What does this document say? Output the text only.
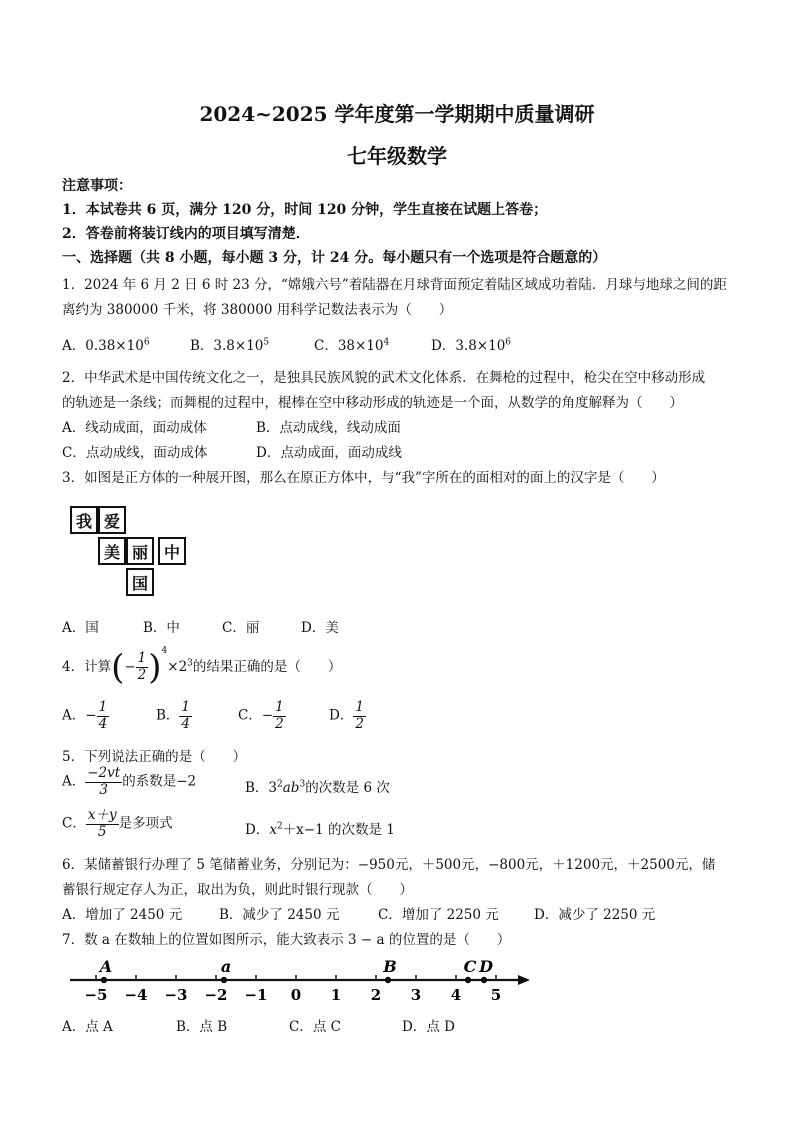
2024~2025 学年度第一学期期中质量调研
七年级数学
注意事项：
1．本试卷共 6 页，满分 120 分，时间 120 分钟，学生直接在试题上答卷；
2．答卷前将装订线内的项目填写清楚．
一、选择题（共 8 小题，每小题 3 分，计 24 分。每小题只有一个选项是符合题意的）
1．2024 年 6 月 2 日 6 时 23 分，“嫦娥六号”着陆器在月球背面预定着陆区域成功着陆．月球与地球之间的距
离约为 380000 千米，将 380000 用科学记数法表示为（　　）
A．$0.38\times 10^6$	B．$3.8\times 10^5$	C．$38\times 10^4$	D．$3.8\times 10^6$
2．中华武术是中国传统文化之一，是独具民族风貌的武术文化体系．在舞枪的过程中，枪尖在空中移动形成
的轨迹是一条线；而舞棍的过程中，棍棒在空中移动形成的轨迹是一个面，从数学的角度解释为（　　）
A．线动成面，面动成体	B．点动成线，线动成面
C．点动成线，面动成体	D．点动成面，面动成线
3．如图是正方体的一种展开图，那么在原正方体中，与“我”字所在的面相对的面上的汉字是（　　）
我 爱
美 丽 中
国
A．国	B．中	C．丽	D．美
4．计算(− $\frac{1}{2} )^4\times 2^3$的结果正确的是（　　）
A．− $\frac{1}{4}$	B． $\frac{1}{4}$	C．− $\frac{1}{2}$	D． $\frac{1}{2}$
5．下列说法正确的是（　　）
A． $\frac{-2vt}{3}$ 的系数是−2	B．$3^2ab^3$的次数是 6 次
C． $\frac{x+y}{5}$ 是多项式	D．$x^2+x-1$ 的次数是 1
6．某储蓄银行办理了 5 笔储蓄业务，分别记为：−950元，＋500元，−800元，＋1200元，＋2500元，储
蓄银行规定存人为正，取出为负，则此时银行现款（　　）
A．增加了 2450 元	B．减少了 2450 元	C．增加了 2250 元	D．减少了 2250 元
7．数 a 在数轴上的位置如图所示，能大致表示 3 − a 的位置的是（　　）
−5 −4 −3 −2 −1 0 1 2 3 4 5
A	a	B	C D
A．点 A	B．点 B	C．点 C	D．点 D
